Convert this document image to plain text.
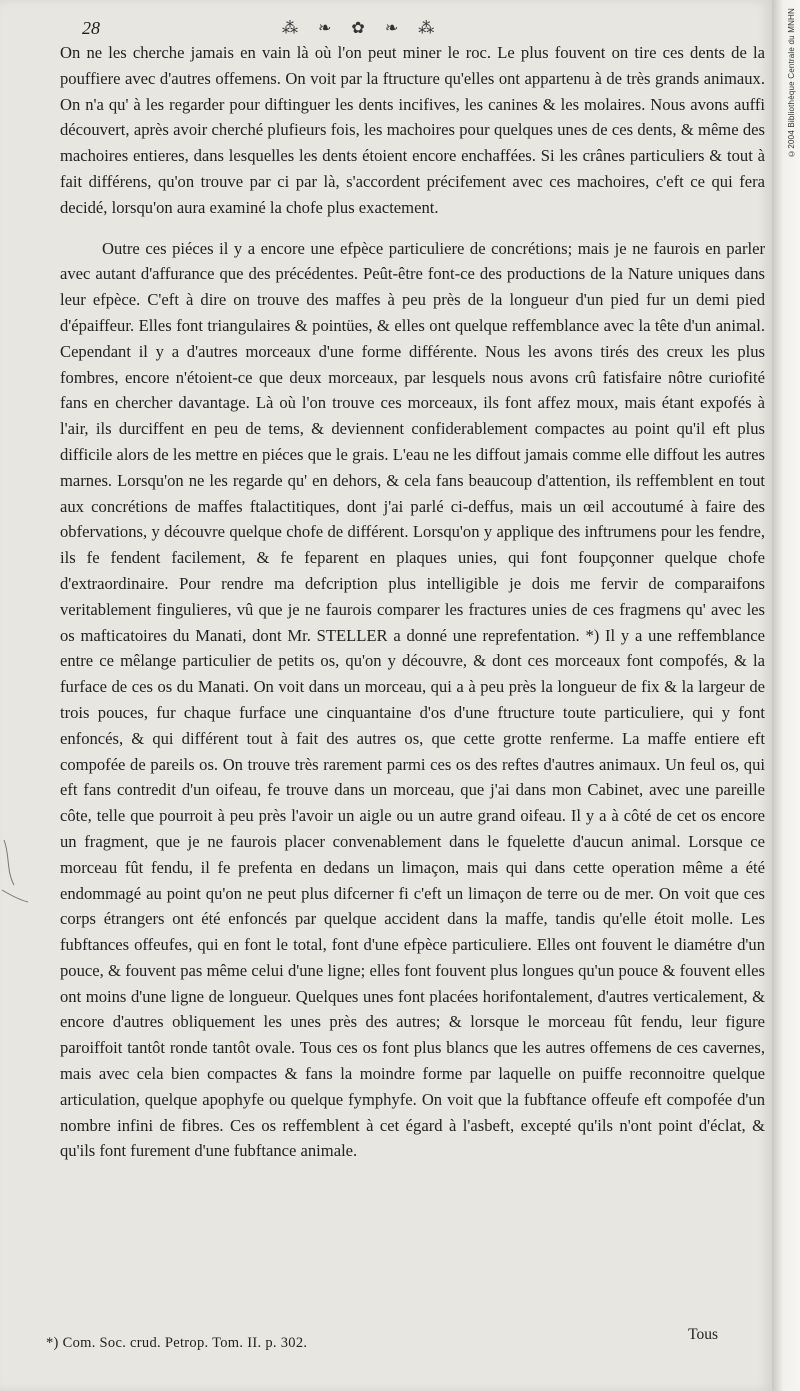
28	⁂ ❧ ✿ ❧ ⁂

On ne les cherche jamais en vain là où l'on peut miner le roc. Le plus fouvent on tire ces dents de la pouffiere avec d'autres offemens. On voit par la ftructure qu'elles ont appartenu à de très grands animaux. On n'a qu' à les regarder pour diftinguer les dents incifives, les canines & les molaires. Nous avons auffi découvert, après avoir cherché plufieurs fois, les machoires pour quelques unes de ces dents, & même des machoires entieres, dans lesquelles les dents étoient encore enchaffées. Si les crânes particuliers & tout à fait différens, qu'on trouve par ci par là, s'accordent précifement avec ces machoires, c'eft ce qui fera decidé, lorsqu'on aura examiné la chofe plus exactement.

Outre ces piéces il y a encore une efpèce particuliere de concrétions; mais je ne faurois en parler avec autant d'affurance que des précédentes. Peût-être font-ce des productions de la Nature uniques dans leur efpèce. C'eft à dire on trouve des maffes à peu près de la longueur d'un pied fur un demi pied d'épaiffeur. Elles font triangulaires & pointües, & elles ont quelque reffemblance avec la tête d'un animal. Cependant il y a d'autres morceaux d'une forme différente. Nous les avons tirés des creux les plus fombres, encore n'étoient-ce que deux morceaux, par lesquels nous avons crû fatisfaire nôtre curiofité fans en chercher davantage. Là où l'on trouve ces morceaux, ils font affez moux, mais étant expofés à l'air, ils durciffent en peu de tems, & deviennent confiderablement compactes au point qu'il eft plus difficile alors de les mettre en piéces que le grais. L'eau ne les diffout jamais comme elle diffout les autres marnes. Lorsqu'on ne les regarde qu' en dehors, & cela fans beaucoup d'attention, ils reffemblent en tout aux concrétions de maffes ftalactitiques, dont j'ai parlé ci-deffus, mais un œil accoutumé à faire des obfervations, y découvre quelque chofe de différent. Lorsqu'on y applique des inftrumens pour les fendre, ils fe fendent facilement, & fe feparent en plaques unies, qui font foupçonner quelque chofe d'extraordinaire. Pour rendre ma defcription plus intelligible je dois me fervir de comparaifons veritablement fingulieres, vû que je ne faurois comparer les fractures unies de ces fragmens qu' avec les os mafticatoires du Manati, dont Mr. STELLER a donné une reprefentation. *) Il y a une reffemblance entre ce mêlange particulier de petits os, qu'on y découvre, & dont ces morceaux font compofés, & la furface de ces os du Manati. On voit dans un morceau, qui a à peu près la longueur de fix & la largeur de trois pouces, fur chaque furface une cinquantaine d'os d'une ftructure toute particuliere, qui y font enfoncés, & qui différent tout à fait des autres os, que cette grotte renferme. La maffe entiere eft compofée de pareils os. On trouve très rarement parmi ces os des reftes d'autres animaux. Un feul os, qui eft fans contredit d'un oifeau, fe trouve dans un morceau, que j'ai dans mon Cabinet, avec une pareille côte, telle que pourroit à peu près l'avoir un aigle ou un autre grand oifeau. Il y a à côté de cet os encore un fragment, que je ne faurois placer convenablement dans le fquelette d'aucun animal. Lorsque ce morceau fût fendu, il fe prefenta en dedans un limaçon, mais qui dans cette operation même a été endommagé au point qu'on ne peut plus difcerner fi c'eft un limaçon de terre ou de mer. On voit que ces corps étrangers ont été enfoncés par quelque accident dans la maffe, tandis qu'elle étoit molle. Les fubftances offeufes, qui en font le total, font d'une efpèce particuliere. Elles ont fouvent le diamétre d'un pouce, & fouvent pas même celui d'une ligne; elles font fouvent plus longues qu'un pouce & fouvent elles ont moins d'une ligne de longueur. Quelques unes font placées horifontalement, d'autres verticalement, & encore d'autres obliquement les unes près des autres; & lorsque le morceau fût fendu, leur figure paroiffoit tantôt ronde tantôt ovale. Tous ces os font plus blancs que les autres offemens de ces cavernes, mais avec cela bien compactes & fans la moindre forme par laquelle on puiffe reconnoitre quelque articulation, quelque apophyfe ou quelque fymphyfe. On voit que la fubftance offeufe eft compofée d'un nombre infini de fibres. Ces os reffemblent à cet égard à l'asbeft, excepté qu'ils n'ont point d'éclat, & qu'ils font furement d'une fubftance animale.

*) Com. Soc. crud. Petrop. Tom. II. p. 302.	Tous
©2004 Bibliothèque Centrale du MNHN
